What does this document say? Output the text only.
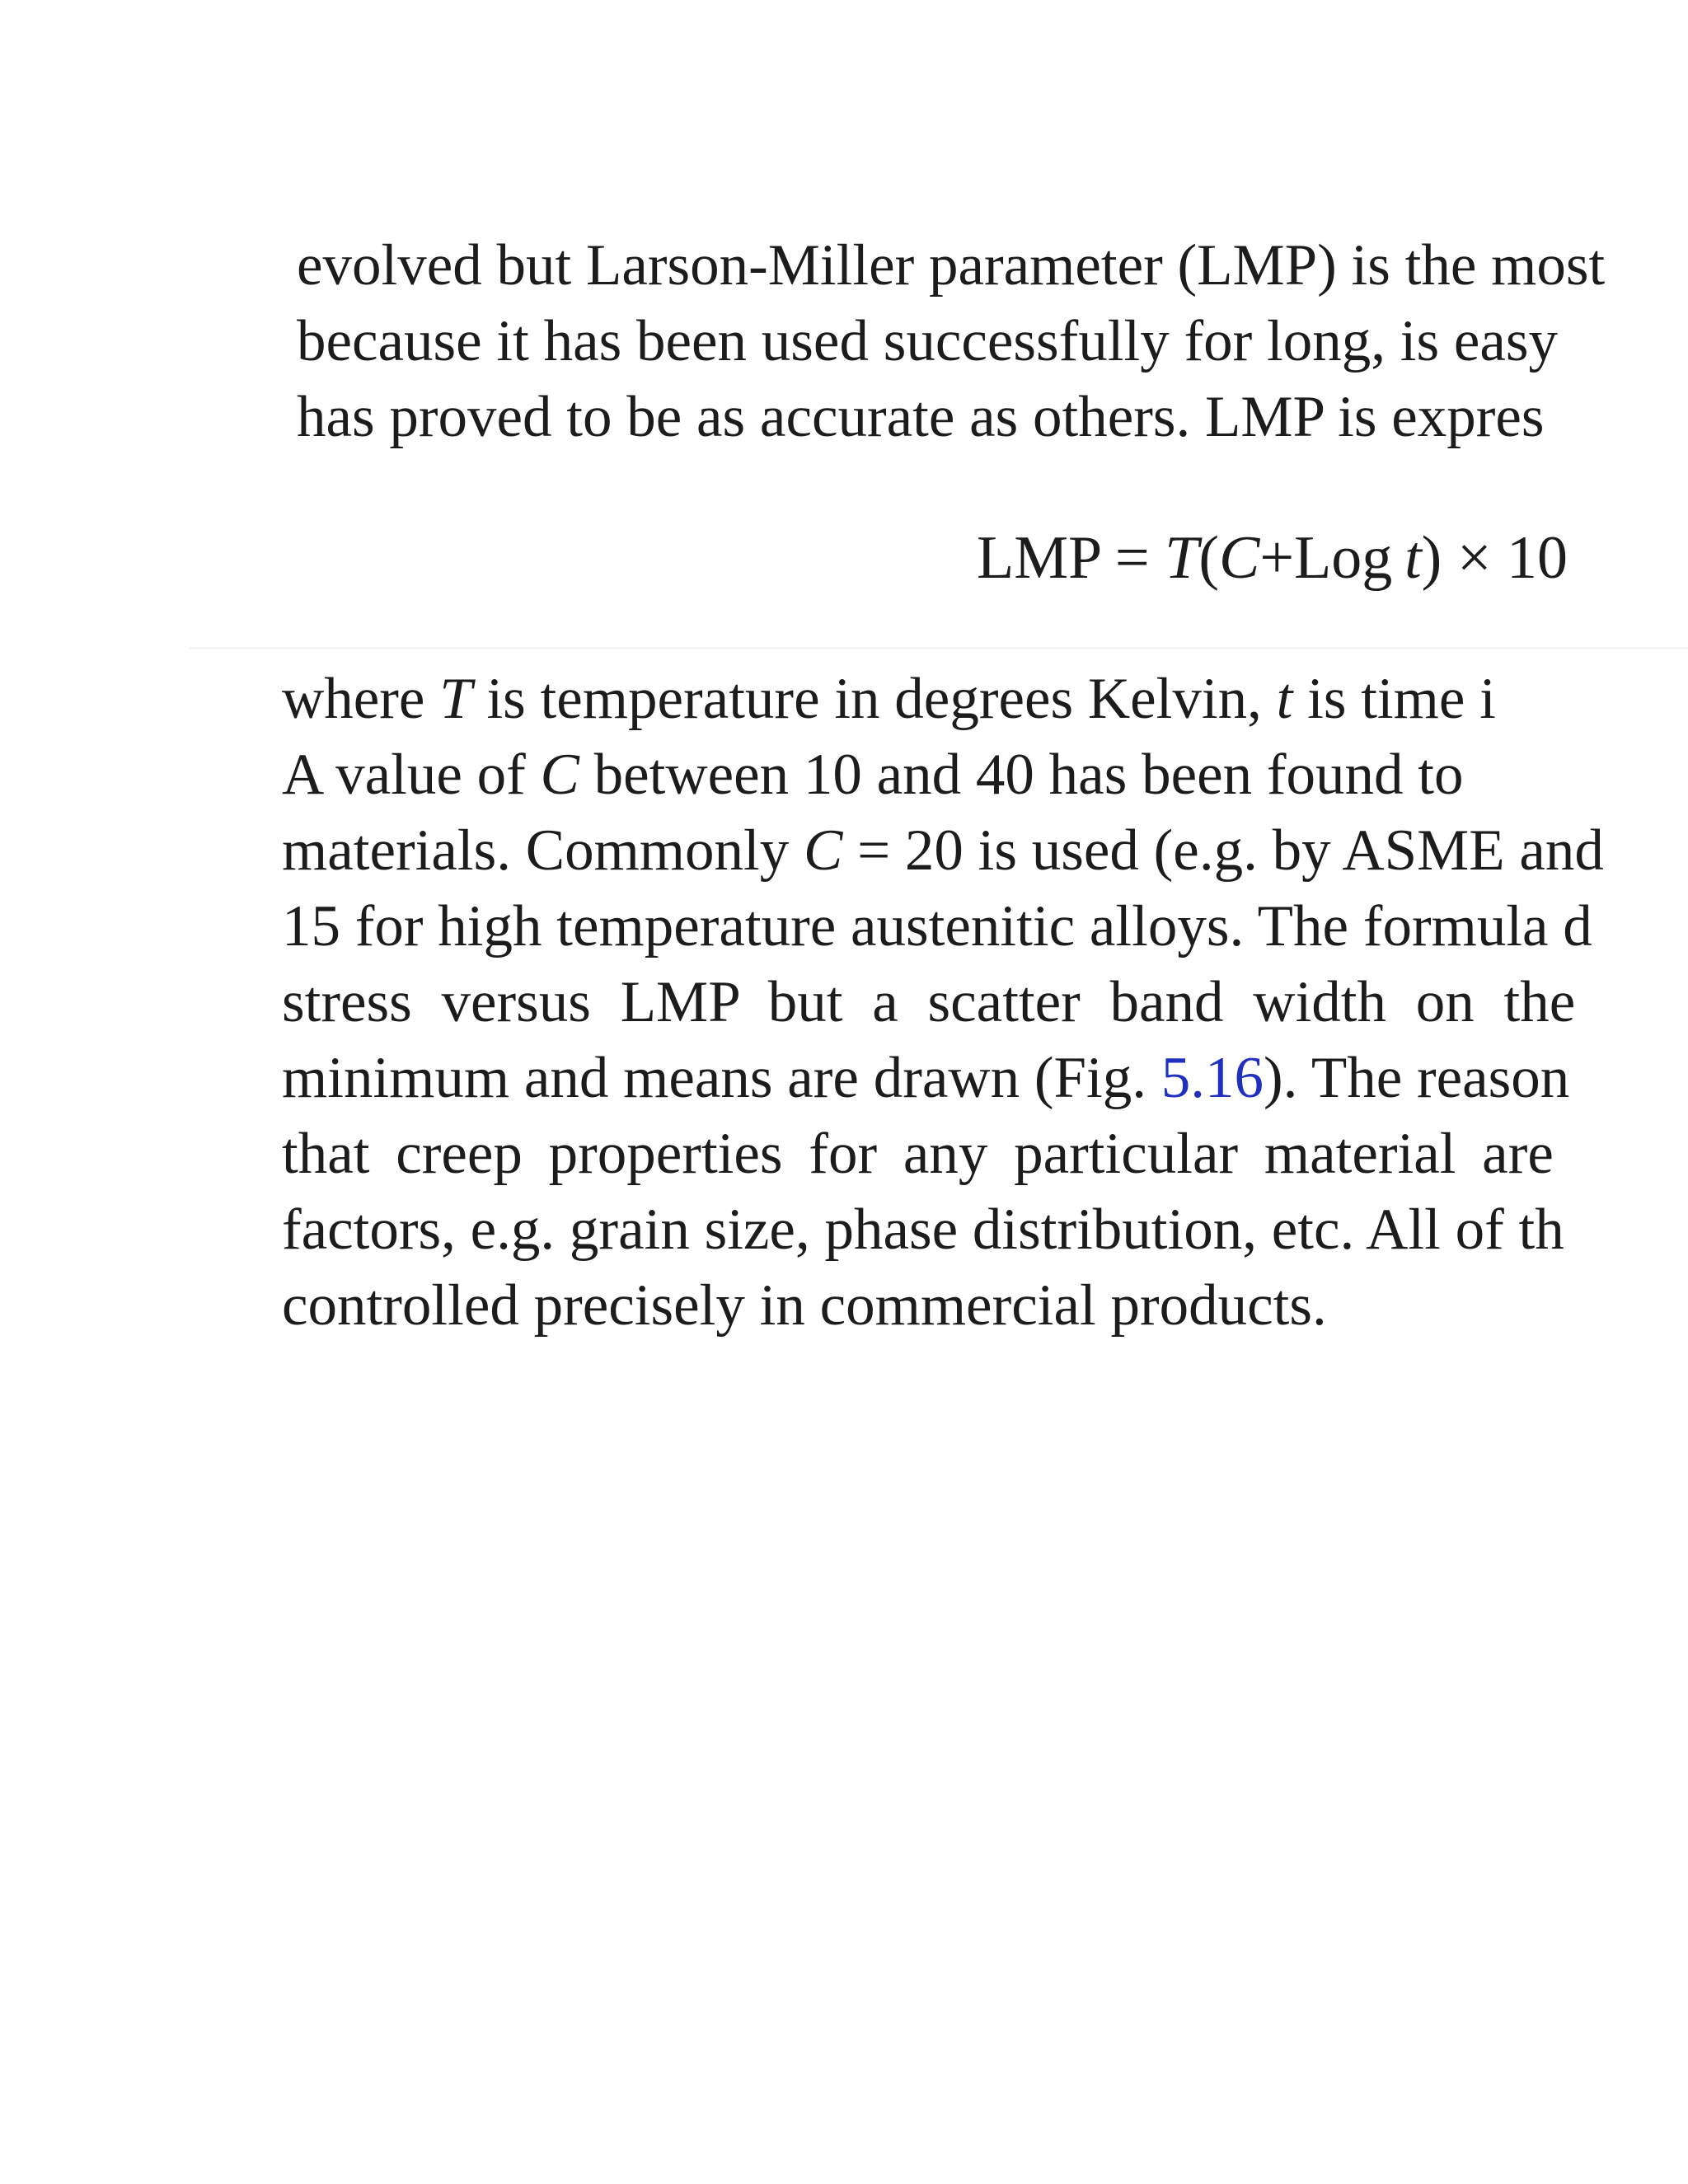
evolved but Larson-Miller parameter (LMP) is the most
because it has been used successfully for long, is easy
has proved to be as accurate as others. LMP is expres
LMP = T(C+Log  t) × 10
where T is temperature in degrees Kelvin, t is time i
A value of C between 10 and 40 has been found to
materials. Commonly C = 20 is used (e.g. by ASME and
15 for high temperature austenitic alloys. The formula d
stress versus LMP but a scatter band width on the
minimum and means are drawn (Fig. 5.16). The reason
that creep properties for any particular material are
factors, e.g. grain size, phase distribution, etc. All of th
controlled precisely in commercial products.
